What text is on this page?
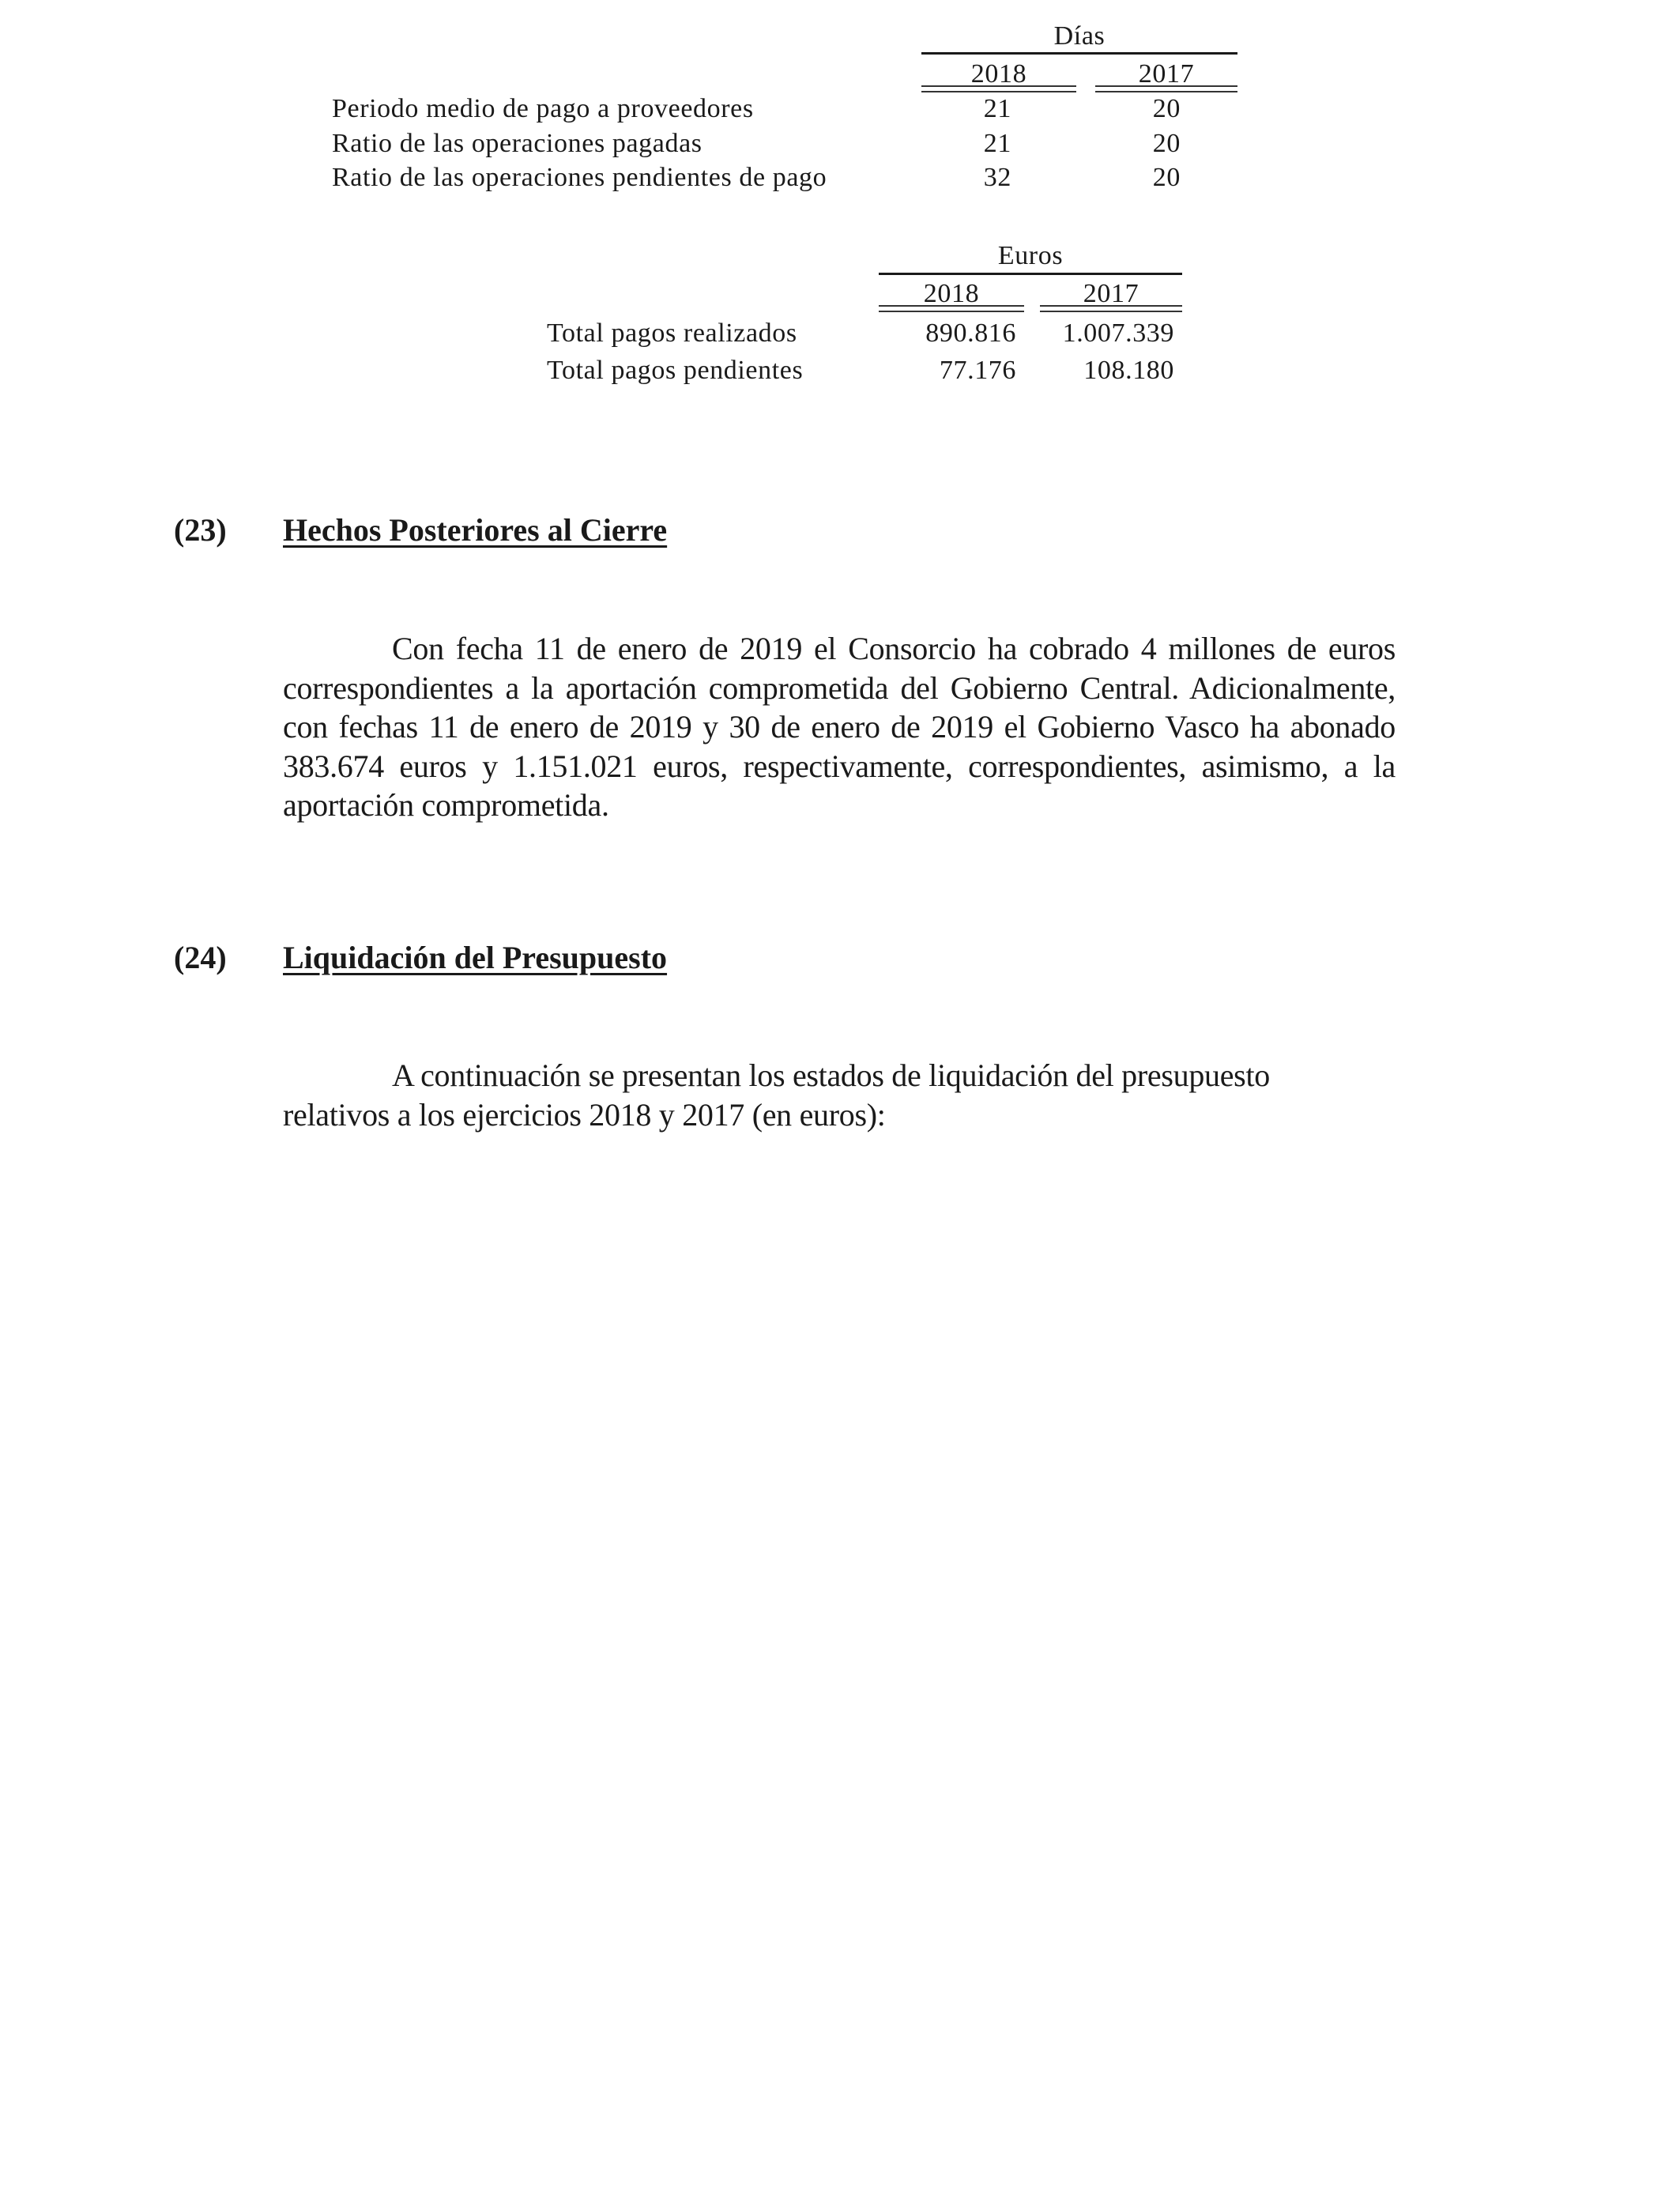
Días
2018	2017
Periodo medio de pago a proveedores	21	20
Ratio de las operaciones pagadas	21	20
Ratio de las operaciones pendientes de pago	32	20
Euros
2018	2017
Total pagos realizados	890.816	1.007.339
Total pagos pendientes	77.176	108.180
(23) Hechos Posteriores al Cierre

Con fecha 11 de enero de 2019 el Consorcio ha cobrado 4 millones de euros correspondientes a la aportación comprometida del Gobierno Central. Adicionalmente, con fechas 11 de enero de 2019 y 30 de enero de 2019 el Gobierno Vasco ha abonado 383.674 euros y 1.151.021 euros, respectivamente, correspondientes, asimismo, a la aportación comprometida.

(24) Liquidación del Presupuesto

A continuación se presentan los estados de liquidación del presupuesto relativos a los ejercicios 2018 y 2017 (en euros):
